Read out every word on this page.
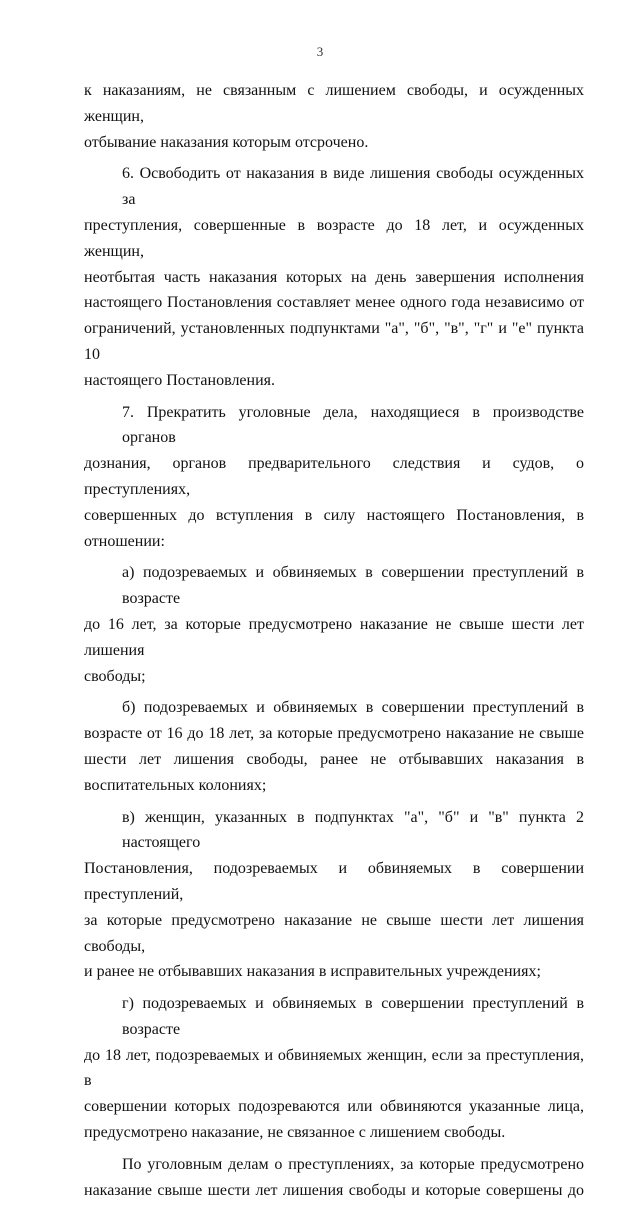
3
к наказаниям, не связанным с лишением свободы, и осужденных женщин,
отбывание наказания которым отсрочено.
6. Освободить от наказания в виде лишения свободы осужденных за
преступления, совершенные в возрасте до 18 лет, и осужденных женщин,
неотбытая часть наказания которых на день завершения исполнения
настоящего Постановления составляет менее одного года независимо от
ограничений, установленных подпунктами "а", "б", "в", "г" и "е" пункта 10
настоящего Постановления.
7. Прекратить уголовные дела, находящиеся в производстве органов
дознания, органов предварительного следствия и судов, о преступлениях,
совершенных до вступления в силу настоящего Постановления, в отношении:
а) подозреваемых и обвиняемых в совершении преступлений в возрасте
до 16 лет, за которые предусмотрено наказание не свыше шести лет лишения
свободы;
б) подозреваемых и обвиняемых в совершении преступлений в
возрасте от 16 до 18 лет, за которые предусмотрено наказание не свыше
шести лет лишения свободы, ранее не отбывавших наказания в
воспитательных колониях;
в) женщин, указанных в подпунктах "а", "б" и "в" пункта 2 настоящего
Постановления, подозреваемых и обвиняемых в совершении преступлений,
за которые предусмотрено наказание не свыше шести лет лишения свободы,
и ранее не отбывавших наказания в исправительных учреждениях;
г) подозреваемых и обвиняемых в совершении преступлений в возрасте
до 18 лет, подозреваемых и обвиняемых женщин, если за преступления, в
совершении которых подозреваются или обвиняются указанные лица,
предусмотрено наказание, не связанное с лишением свободы.
По уголовным делам о преступлениях, за которые предусмотрено
наказание свыше шести лет лишения свободы и которые совершены до
